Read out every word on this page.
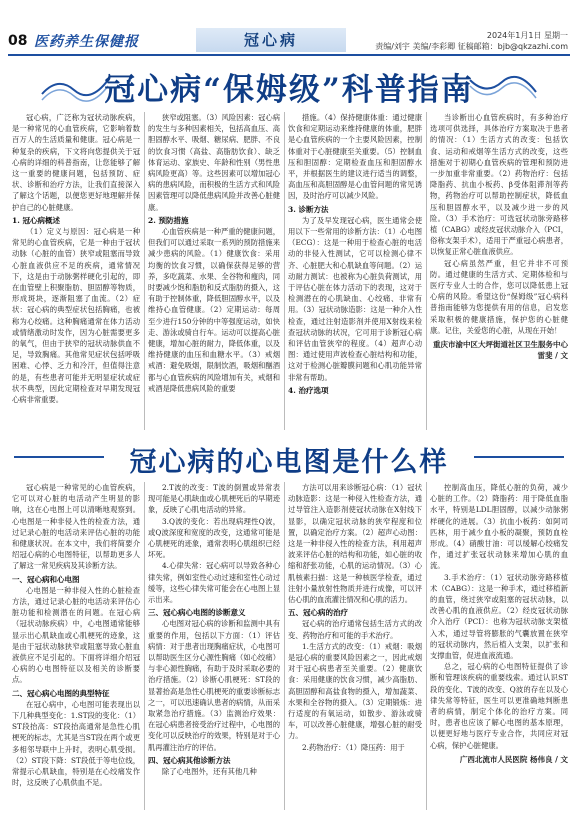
08 医药养生保健报	冠心病	2024年1月1日 星期一
责编/刘宇 美编/李彩卿 征稿邮箱：bjb@qkzazhi.com
冠心病“保姆级”科普指南

冠心病，广泛称为冠状动脉疾病，是一种常见的心血管疾病，它影响着数百万人的生活质量和健康。冠心病是一种复杂的疾病，下文将向您提供关于冠心病的详细的科普指南，让您能够了解这一重要的健康问题，包括预防、症状、诊断和治疗方法，让我们直接深入了解这个话题，以便您更好地理解并保护自己的心脏健康。

1. 冠心病概述

（1）定义与原因：冠心病是一种常见的心血管疾病，它是一种由于冠状动脉（心脏的血管）狭窄或阻塞而导致心脏血液供应不足的疾病，通常情况下，这是由于动脉粥样硬化引起的，即在血管壁上积聚脂肪、胆固醇等物质，形成斑块，逐渐阻塞了血流。（2）症状：冠心病的典型症状包括胸痛，也被称为心绞痛。这种胸痛通常在体力活动或情绪激动时发作，因为心脏需要更多的氧气，但由于狭窄的冠状动脉供血不足，导致胸痛。其他常见症状包括呼吸困难、心悸、乏力和冷汗，但值得注意的是，有些患者可能并无明显症状或症状不典型，因此定期检查对早期发现冠心病非常重要。

狭窄或阻塞。（3）风险因素：冠心病的发生与多种因素相关，包括高血压、高胆固醇水平、吸烟、糖尿病、肥胖、不良的饮食习惯（高盐、高脂肪饮食）、缺乏体育运动、家族史、年龄和性别（男性患病风险更高）等。这些因素可以增加冠心病的患病风险，而积极的生活方式和风险因素管理可以降低患病风险并改善心脏健康。

2. 预防措施

心血管疾病是一种严重的健康问题，但我们可以通过采取一系列的预防措施来减少患病的风险。（1）健康饮食：采用均衡的饮食习惯，以确保获得足够的营养，多吃蔬菜、水果、全谷物和瘦肉，同时要减少饱和脂肪和反式脂肪的摄入，这有助于控制体重，降低胆固醇水平，以及维持心血管健康。（2）定期运动：每周至少进行150分钟的中等强度运动，如快走、游泳或骑自行车。运动可以提高心脏健康，增加心脏的耐力，降低体重，以及维持健康的血压和血糖水平。（3）戒烟戒酒：避免吸烟，限制饮酒，吸烟和酗酒都与心血管疾病的风险增加有关，戒烟和戒酒是降低患病风险的重要

措施。（4）保持健康体重：通过健康饮食和定期运动来维持健康的体重，肥胖是心血管疾病的一个主要风险因素，控制体重对于心脏健康至关重要。（5）控制血压和胆固醇：定期检查血压和胆固醇水平，并根据医生的建议进行适当的调整，高血压和高胆固醇是心血管问题的常见诱因，及时治疗可以减少风险。

3. 诊断方法

为了及早发现冠心病，医生通常会使用以下一些常用的诊断方法：（1）心电图（ECG）：这是一种用于检查心脏的电活动的非侵入性测试，它可以检测心律不齐、心脏肥大和心肌缺血等问题。（2）运动耐力测试：也被称为心脏负荷测试，用于评估心脏在体力活动下的表现，这对于检测潜在的心肌缺血、心绞痛、非常有用。（3）冠状动脉造影：这是一种介入性检查，通过注射造影剂并使用X射线来检查冠状动脉的状况，它可用于诊断冠心病和评估血管狭窄的程度。（4）超声心动图：通过使用声波检查心脏结构和功能，这对于检测心脏瓣膜问题和心肌功能异常非常有帮助。

4. 治疗选项

当诊断出心血管疾病时，有多种治疗选项可供选择，具体治疗方案取决于患者的情况：（1）生活方式的改变：包括饮食、运动和戒烟等生活方式的改变，这些措施对于初期心血管疾病的管理和预防进一步加重非常重要。（2）药物治疗：包括降脂药、抗血小板药、β受体阻滞剂等药物，药物治疗可以帮助控制症状，降低血压和胆固醇水平，以及减少进一步的风险。（3）手术治疗：可选冠状动脉旁路移植（CABG）或经皮冠状动脉介入（PCI，俗称支架手术），适用于严重冠心病患者，以恢复正常心脏血液供应。

冠心病虽然严重，但它并非不可预防。通过健康的生活方式、定期体检和与医疗专业人士的合作，您可以降低患上冠心病的风险。希望这份“保姆级”冠心病科普指南能够为您提供有用的信息，启发您采取积极的健康措施，保护您的心脏健康。记住，关爱您的心脏，从现在开始！

重庆市渝中区大坪街道社区卫生服务中心 雷斐 / 文
冠心病的心电图是什么样

冠心病是一种常见的心血管疾病，它可以对心脏的电活动产生明显的影响，这在心电图上可以清晰地观察到。心电图是一种非侵入性的检查方法，通过记录心脏的电活动来评估心脏的功能和健康状况。在本文中，我们将简要介绍冠心病的心电图特征，以帮助更多人了解这一常见疾病及其诊断方法。

一、冠心病和心电图

心电图是一种非侵入性的心脏检查方法，通过记录心脏的电活动来评估心脏功能和检测潜在的问题。在冠心病（冠状动脉疾病）中，心电图通常能够显示出心肌缺血或心肌梗死的迹象，这是由于冠状动脉狭窄或阻塞导致心脏血液供应不足引起的。下面将详细介绍冠心病的心电图特征以及相关的诊断要点。

二、冠心病心电图的典型特征

在冠心病中，心电图可能表现出以下几种典型变化：1.ST段的变化：（1）ST段抬高：ST段抬高通常是急性心肌梗死的标志，尤其是当ST段在两个或更多相邻导联中上升时，表明心肌受损。（2）ST段下降：ST段低于等电位线，常提示心肌缺血，特别是在心绞痛发作时，这反映了心肌供血不足。

2.T波的改变：T波的倒置或异常表现可能是心肌缺血或心肌梗死后的早期迹象，反映了心肌电活动的异常。

3.Q波的变化：若出现病理性Q波，或Q波深度和宽度的改变，这通常可能是心肌梗死的迹象，通常表明心肌组织已经坏死。

4.心律失常：冠心病可以导致各种心律失常，例如室性心动过速和室性心动过缓等，这些心律失常可能会在心电图上显示出来。

三、冠心病心电图的诊断意义

心电图对冠心病的诊断和监测中具有重要的作用，包括以下方面：（1）评估病情：对于患者出现胸痛症状，心电图可以帮助医生区分心源性胸痛（如心绞痛）与非心源性胸痛，有助于及时采取必要的治疗措施。（2）诊断心肌梗死：ST段的显著抬高是急性心肌梗死的重要诊断标志之一，可以迅速确认患者的病情，从而采取紧急治疗措施。（3）监测治疗效果：在冠心病患者接受治疗过程中，心电图的变化可以反映治疗的效果，特别是对于心肌再灌注治疗的评估。

四、冠心病其他诊断方法

除了心电图外，还有其他几种

方法可以用来诊断冠心病：（1）冠状动脉造影：这是一种侵入性检查方法，通过导管注入造影剂使冠状动脉在X射线下显影，以确定冠状动脉的狭窄程度和位置，以确定治疗方案。（2）超声心动图：这是一种非侵入性的检查方法，利用超声波来评估心脏的结构和功能，如心脏的收缩和舒张功能，心肌的运动情况。（3）心肌核素扫描：这是一种核医学检查，通过注射小量放射性物质并进行成像，可以评估心肌的血流灌注情况和心肌的活力。

五、冠心病的治疗

冠心病的治疗通常包括生活方式的改变、药物治疗和可能的手术治疗。

1.生活方式的改变：（1）戒烟：吸烟是冠心病的重要风险因素之一，因此戒烟对于冠心病患者至关重要。（2）健康饮食：采用健康的饮食习惯，减少高脂肪、高胆固醇和高盐食物的摄入，增加蔬菜、水果和全谷物的摄入。（3）定期锻炼：进行适度的有氧运动，如散步、游泳或骑车，可以改善心脏健康，增强心脏的耐受力。

2.药物治疗：（1）降压药：用于

控制高血压，降低心脏的负荷，减少心脏的工作。（2）降脂药：用于降低血脂水平，特别是LDL胆固醇，以减少动脉粥样硬化的进展。（3）抗血小板药：如阿司匹林，用于减少血小板的凝聚，预防血栓形成。（4）硝酸甘油：可以缓解心绞痛发作，通过扩张冠状动脉来增加心肌的血流。

3.手术治疗：（1）冠状动脉旁路移植术（CABG）：这是一种手术，通过移植新的血管，绕过狭窄或阻塞的冠状动脉，以改善心肌的血液供应。（2）经皮冠状动脉介入治疗（PCI）：也称为冠状动脉支架植入术，通过导管将膨胀的气囊放置在狭窄的冠状动脉内，然后植入支架，以扩张和支撑血管，促进血液流通。

总之，冠心病的心电图特征提供了诊断和管理该疾病的重要线索。通过认识ST段的变化、T波的改变、Q波的存在以及心律失常等特征，医生可以更准确地判断患者的病情，制定个体化的治疗方案。同时，患者也应该了解心电图的基本原理，以便更好地与医疗专业合作，共同应对冠心病，保护心脏健康。

广西北流市人民医院 杨伟良 / 文
